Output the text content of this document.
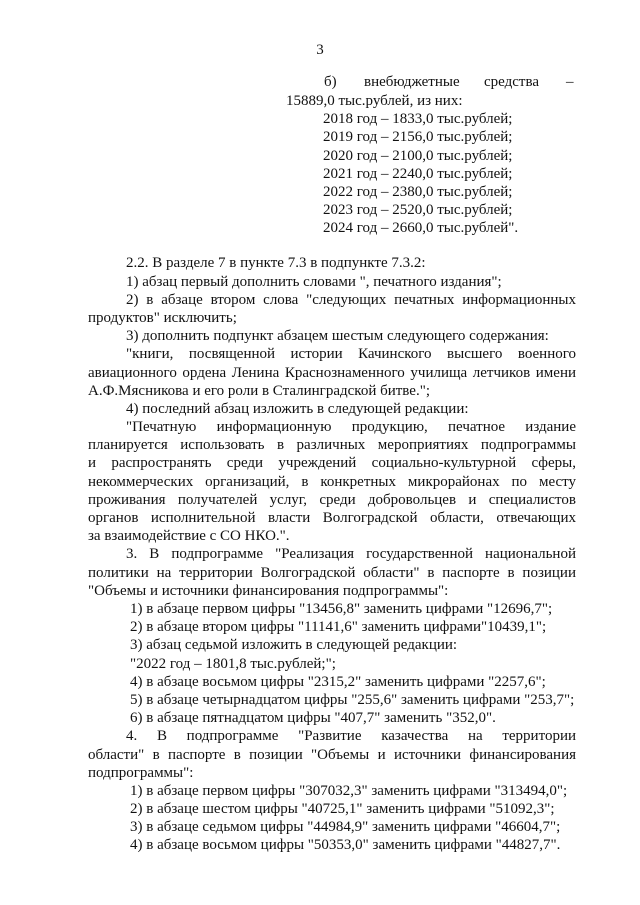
3
б) внебюджетные средства –
15889,0 тыс.рублей, из них:
2018 год – 1833,0 тыс.рублей;
2019 год – 2156,0 тыс.рублей;
2020 год – 2100,0 тыс.рублей;
2021 год – 2240,0 тыс.рублей;
2022 год – 2380,0 тыс.рублей;
2023 год – 2520,0 тыс.рублей;
2024 год – 2660,0 тыс.рублей".
2.2. В разделе 7 в пункте 7.3 в подпункте 7.3.2:
1) абзац первый дополнить словами ", печатного издания";
2) в абзаце втором слова "следующих печатных информационных
продуктов" исключить;
3) дополнить подпункт абзацем шестым следующего содержания:
"книги, посвященной истории Качинского высшего военного
авиационного ордена Ленина Краснознаменного училища летчиков имени
А.Ф.Мясникова и его роли в Сталинградской битве.";
4) последний абзац изложить в следующей редакции:
"Печатную информационную продукцию, печатное издание
планируется использовать в различных мероприятиях подпрограммы
и распространять среди учреждений социально-культурной сферы,
некоммерческих организаций, в конкретных микрорайонах по месту
проживания получателей услуг, среди добровольцев и специалистов
органов исполнительной власти Волгоградской области, отвечающих
за взаимодействие с СО НКО.".
3. В подпрограмме "Реализация государственной национальной
политики на территории Волгоградской области" в паспорте в позиции
"Объемы и источники финансирования подпрограммы":
1) в абзаце первом цифры "13456,8" заменить цифрами "12696,7";
2) в абзаце втором цифры "11141,6" заменить цифрами"10439,1";
3) абзац седьмой изложить в следующей редакции:
"2022 год – 1801,8 тыс.рублей;";
4) в абзаце восьмом цифры "2315,2" заменить цифрами "2257,6";
5) в абзаце четырнадцатом цифры "255,6" заменить цифрами "253,7";
6) в абзаце пятнадцатом цифры "407,7" заменить "352,0".
4. В подпрограмме "Развитие казачества на территории
области" в паспорте в позиции "Объемы и источники финансирования
подпрограммы":
1) в абзаце первом цифры "307032,3" заменить цифрами "313494,0";
2) в абзаце шестом цифры "40725,1" заменить цифрами "51092,3";
3) в абзаце седьмом цифры "44984,9" заменить цифрами "46604,7";
4) в абзаце восьмом цифры "50353,0" заменить цифрами "44827,7".
